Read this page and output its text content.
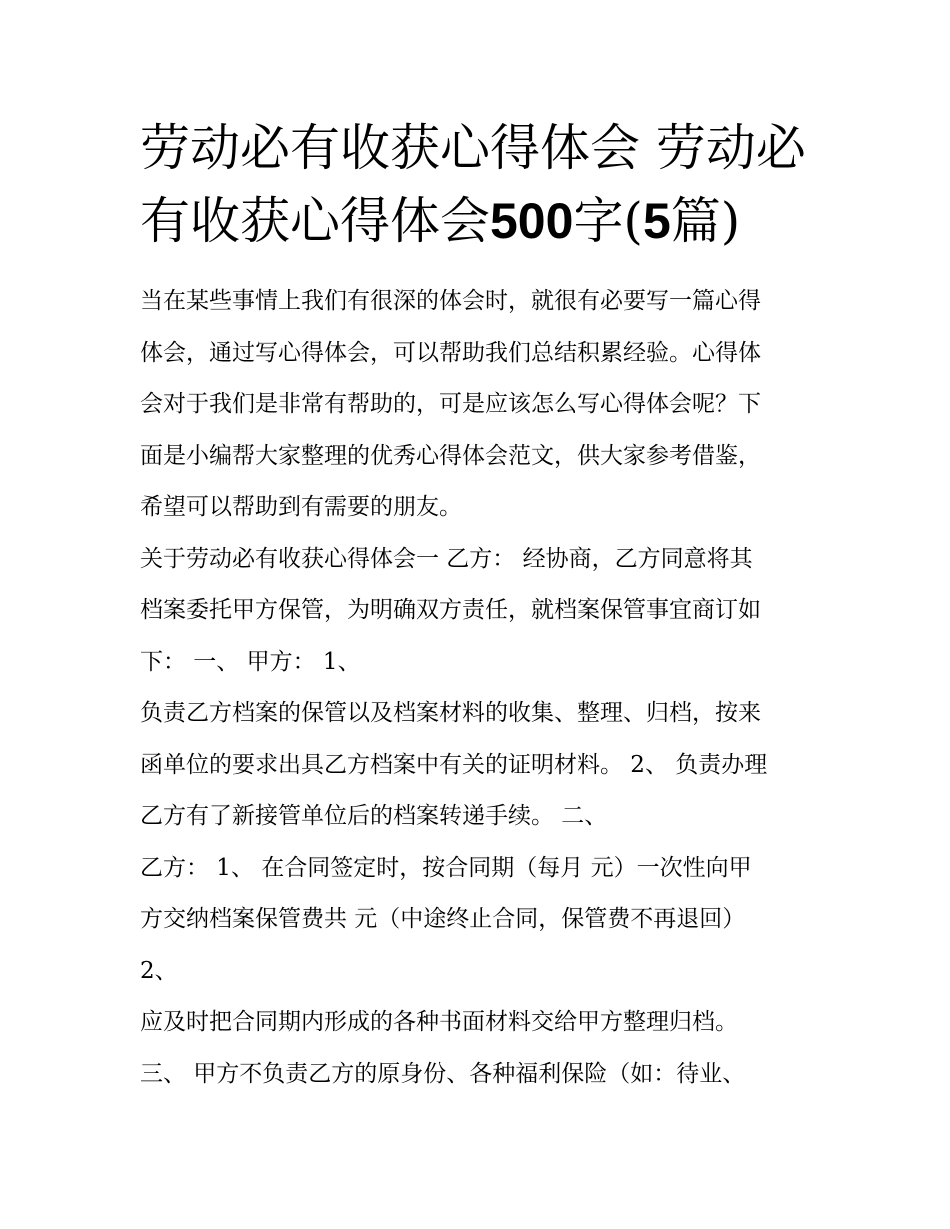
劳动必有收获心得体会 劳动必有收获心得体会500字(5篇)
当在某些事情上我们有很深的体会时，就很有必要写一篇心得
体会，通过写心得体会，可以帮助我们总结积累经验。心得体
会对于我们是非常有帮助的，可是应该怎么写心得体会呢？下
面是小编帮大家整理的优秀心得体会范文，供大家参考借鉴，
希望可以帮助到有需要的朋友。
关于劳动必有收获心得体会一 乙方： 经协商，乙方同意将其
档案委托甲方保管，为明确双方责任，就档案保管事宜商订如
下： 一、 甲方： 1、
负责乙方档案的保管以及档案材料的收集、整理、归档，按来
函单位的要求出具乙方档案中有关的证明材料。 2、 负责办理
乙方有了新接管单位后的档案转递手续。 二、
乙方： 1、 在合同签定时，按合同期（每月 元）一次性向甲
方交纳档案保管费共 元（中途终止合同，保管费不再退回）
2、
应及时把合同期内形成的各种书面材料交给甲方整理归档。
三、 甲方不负责乙方的原身份、各种福利保险（如：待业、
